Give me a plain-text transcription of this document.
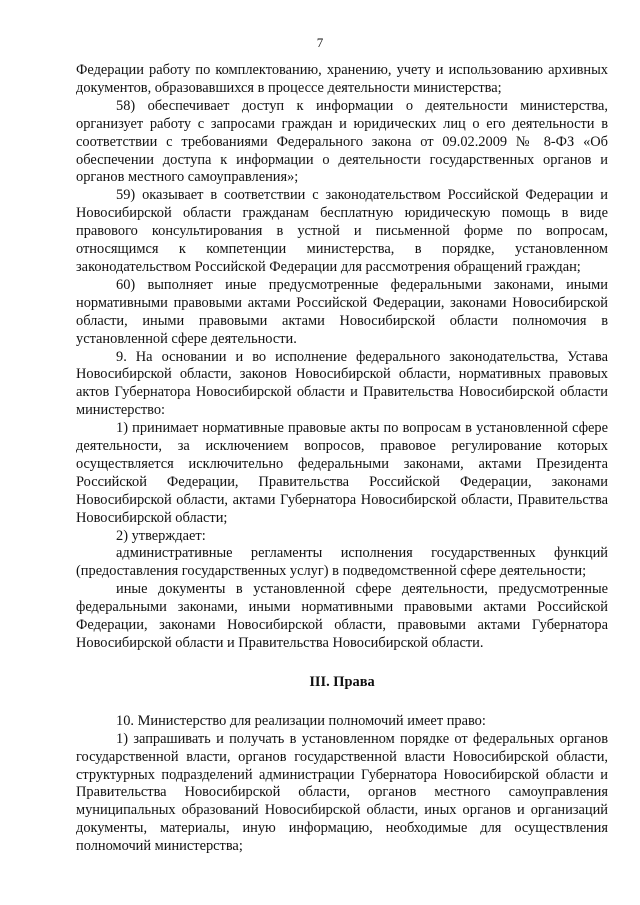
7

Федерации работу по комплектованию, хранению, учету и использованию архивных документов, образовавшихся в процессе деятельности министерства;

58) обеспечивает доступ к информации о деятельности министерства, организует работу с запросами граждан и юридических лиц о его деятельности в соответствии с требованиями Федерального закона от 09.02.2009 № 8-ФЗ «Об обеспечении доступа к информации о деятельности государственных органов и органов местного самоуправления»;

59) оказывает в соответствии с законодательством Российской Федерации и Новосибирской области гражданам бесплатную юридическую помощь в виде правового консультирования в устной и письменной форме по вопросам, относящимся к компетенции министерства, в порядке, установленном законодательством Российской Федерации для рассмотрения обращений граждан;

60) выполняет иные предусмотренные федеральными законами, иными нормативными правовыми актами Российской Федерации, законами Новосибирской области, иными правовыми актами Новосибирской области полномочия в установленной сфере деятельности.

9. На основании и во исполнение федерального законодательства, Устава Новосибирской области, законов Новосибирской области, нормативных правовых актов Губернатора Новосибирской области и Правительства Новосибирской области министерство:

1) принимает нормативные правовые акты по вопросам в установленной сфере деятельности, за исключением вопросов, правовое регулирование которых осуществляется исключительно федеральными законами, актами Президента Российской Федерации, Правительства Российской Федерации, законами Новосибирской области, актами Губернатора Новосибирской области, Правительства Новосибирской области;

2) утверждает:

административные регламенты исполнения государственных функций (предоставления государственных услуг) в подведомственной сфере деятельности;

иные документы в установленной сфере деятельности, предусмотренные федеральными законами, иными нормативными правовыми актами Российской Федерации, законами Новосибирской области, правовыми актами Губернатора Новосибирской области и Правительства Новосибирской области.

III. Права

10. Министерство для реализации полномочий имеет право:

1) запрашивать и получать в установленном порядке от федеральных органов государственной власти, органов государственной власти Новосибирской области, структурных подразделений администрации Губернатора Новосибирской области и Правительства Новосибирской области, органов местного самоуправления муниципальных образований Новосибирской области, иных органов и организаций документы, материалы, иную информацию, необходимые для осуществления полномочий министерства;
